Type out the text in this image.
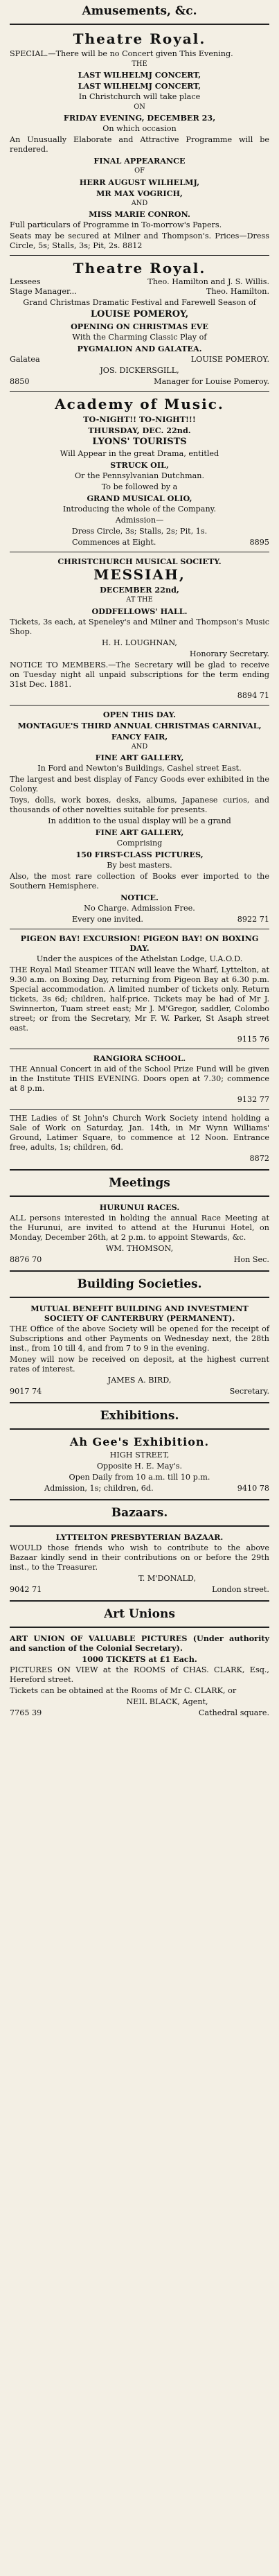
Amusements, &c.
Theatre Royal.

SPECIAL.—There will be no Concert given This Evening.

THE

LAST WILHELMJ CONCERT,

LAST WILHELMJ CONCERT,

In Christchurch will take place

ON

FRIDAY EVENING, DECEMBER 23,

On which occasion

An Unusually Elaborate and Attractive Programme will be rendered.

FINAL APPEARANCE

OF

HERR AUGUST WILHELMJ,

MR MAX VOGRICH,

AND

MISS MARIE CONRON.

Full particulars of Programme in To-morrow's Papers.

Seats may be secured at Milner and Thompson's. Prices—Dress Circle, 5s; Stalls, 3s; Pit, 2s. 8812

Theatre Royal.
Lessees	Theo. Hamilton and J. S. Willis.
Stage Manager...	Theo. Hamilton.

Grand Christmas Dramatic Festival and Farewell Season of

LOUISE POMEROY,

OPENING ON CHRISTMAS EVE

With the Charming Classic Play of

PYGMALION AND GALATEA.

Galatea	LOUISE POMEROY.

JOS. DICKERSGILL,

8850	Manager for Louise Pomeroy.
Academy of Music.

TO-NIGHT!! TO-NIGHT!!!

THURSDAY, DEC. 22nd.

LYONS' TOURISTS

Will Appear in the great Drama, entitled

STRUCK OIL,

Or the Pennsylvanian Dutchman.

To be followed by a

GRAND MUSICAL OLIO,

Introducing the whole of the Company.

Admission—

Dress Circle, 3s; Stalls, 2s; Pit, 1s.

Commences at Eight.	8895
CHRISTCHURCH MUSICAL SOCIETY.
MESSIAH,

DECEMBER 22nd,

AT THE

ODDFELLOWS' HALL.

Tickets, 3s each, at Speneley's and Milner and Thompson's Music Shop.

H. H. LOUGHNAN,

Honorary Secretary.

NOTICE TO MEMBERS.—The Secretary will be glad to receive on Tuesday night all unpaid subscriptions for the term ending 31st Dec. 1881.

8894 71

OPEN THIS DAY.

MONTAGUE'S THIRD ANNUAL CHRISTMAS CARNIVAL,

FANCY FAIR,

AND

FINE ART GALLERY,

In Ford and Newton's Buildings, Cashel street East.

The largest and best display of Fancy Goods ever exhibited in the Colony.

Toys, dolls, work boxes, desks, albums, Japanese curios, and thousands of other novelties suitable for presents.

In addition to the usual display will be a grand

FINE ART GALLERY,

Comprising

150 FIRST-CLASS PICTURES,

By best masters.

Also, the most rare collection of Books ever imported to the Southern Hemisphere.

NOTICE.

No Charge. Admission Free.

Every one invited.	8922 71

PIGEON BAY! EXCURSION! PIGEON BAY! ON BOXING DAY.

Under the auspices of the Athelstan Lodge, U.A.O.D.

THE Royal Mail Steamer TITAN will leave the Wharf, Lyttelton, at 9.30 a.m. on Boxing Day, returning from Pigeon Bay at 6.30 p.m. Special accommodation. A limited number of tickets only. Return tickets, 3s 6d; children, half-price. Tickets may be had of Mr J. Swinnerton, Tuam street east; Mr J. M'Gregor, saddler, Colombo street; or from the Secretary, Mr F. W. Parker, St Asaph street east.

9115 76

RANGIORA SCHOOL.

THE Annual Concert in aid of the School Prize Fund will be given in the Institute THIS EVENING. Doors open at 7.30; commence at 8 p.m.

9132 77

THE Ladies of St John's Church Work Society intend holding a Sale of Work on Saturday, Jan. 14th, in Mr Wynn Williams' Ground, Latimer Square, to commence at 12 Noon. Entrance free, adults, 1s; children, 6d.

8872

Meetings

HURUNUI RACES.

ALL persons interested in holding the annual Race Meeting at the Hurunui, are invited to attend at the Hurunui Hotel, on Monday, December 26th, at 2 p.m. to appoint Stewards, &c.

WM. THOMSON,

8876 70	Hon Sec.
Building Societies.

MUTUAL BENEFIT BUILDING AND INVESTMENT SOCIETY OF CANTERBURY (PERMANENT).

THE Office of the above Society will be opened for the receipt of Subscriptions and other Payments on Wednesday next, the 28th inst., from 10 till 4, and from 7 to 9 in the evening.

Money will now be received on deposit, at the highest current rates of interest.

JAMES A. BIRD,

9017 74	Secretary.
Exhibitions.
Ah Gee's Exhibition.

HIGH STREET,

Opposite H. E. May's.

Open Daily from 10 a.m. till 10 p.m.

Admission, 1s; children, 6d.	9410 78
Bazaars.

LYTTELTON PRESBYTERIAN BAZAAR.

WOULD those friends who wish to contribute to the above Bazaar kindly send in their contributions on or before the 29th inst., to the Treasurer.

T. M'DONALD,

9042 71	London street.
Art Unions

ART UNION OF VALUABLE PICTURES (Under authority and sanction of the Colonial Secretary).

1000 TICKETS at £1 Each.

PICTURES ON VIEW at the ROOMS of CHAS. CLARK, Esq., Hereford street.

Tickets can be obtained at the Rooms of Mr C. CLARK, or

NEIL BLACK, Agent,

7765 39	Cathedral square.
